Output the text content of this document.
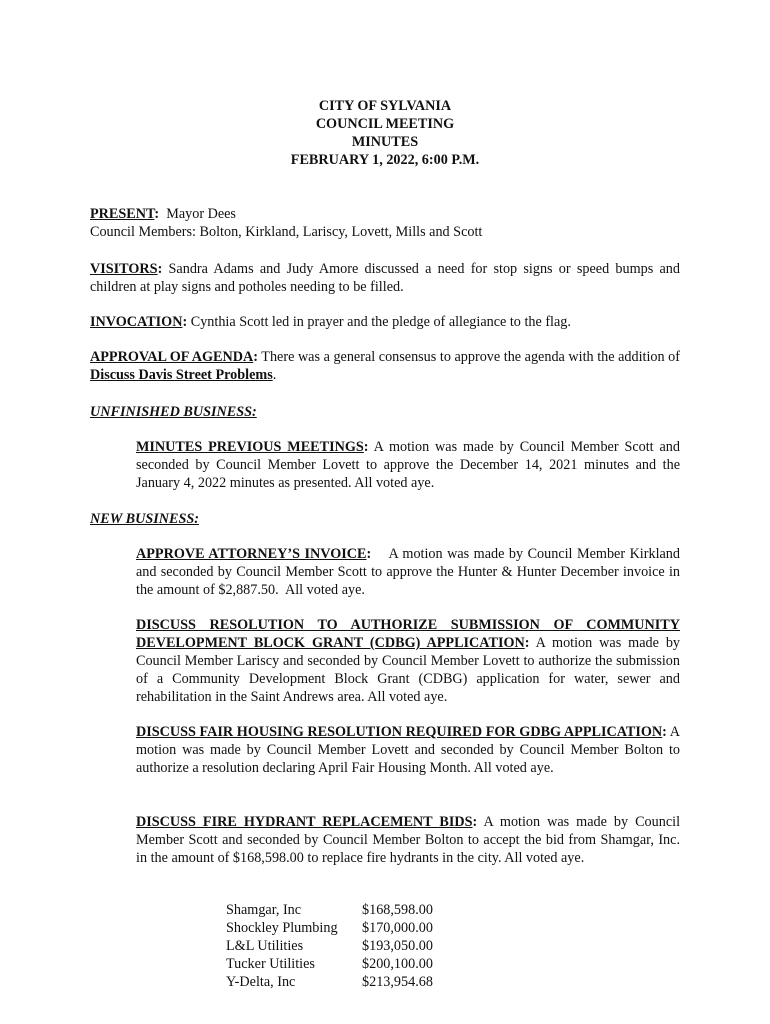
CITY OF SYLVANIA
COUNCIL MEETING
MINUTES
FEBRUARY 1, 2022, 6:00 P.M.
PRESENT:  Mayor Dees
Council Members: Bolton, Kirkland, Lariscy, Lovett, Mills and Scott
VISITORS: Sandra Adams and Judy Amore discussed a need for stop signs or speed bumps and children at play signs and potholes needing to be filled.
INVOCATION: Cynthia Scott led in prayer and the pledge of allegiance to the flag.
APPROVAL OF AGENDA: There was a general consensus to approve the agenda with the addition of Discuss Davis Street Problems.
UNFINISHED BUSINESS:
MINUTES PREVIOUS MEETINGS: A motion was made by Council Member Scott and seconded by Council Member Lovett to approve the December 14, 2021 minutes and the January 4, 2022 minutes as presented. All voted aye.
NEW BUSINESS:
APPROVE ATTORNEY’S INVOICE:    A motion was made by Council Member Kirkland and seconded by Council Member Scott to approve the Hunter & Hunter December invoice in the amount of $2,887.50.  All voted aye.
DISCUSS RESOLUTION TO AUTHORIZE SUBMISSION OF COMMUNITY DEVELOPMENT BLOCK GRANT (CDBG) APPLICATION: A motion was made by Council Member Lariscy and seconded by Council Member Lovett to authorize the submission of a Community Development Block Grant (CDBG) application for water, sewer and rehabilitation in the Saint Andrews area. All voted aye.
DISCUSS FAIR HOUSING RESOLUTION REQUIRED FOR GDBG APPLICATION: A motion was made by Council Member Lovett and seconded by Council Member Bolton to authorize a resolution declaring April Fair Housing Month. All voted aye.
DISCUSS FIRE HYDRANT REPLACEMENT BIDS: A motion was made by Council Member Scott and seconded by Council Member Bolton to accept the bid from Shamgar, Inc. in the amount of $168,598.00 to replace fire hydrants in the city. All voted aye.
Shamgar, Inc	$168,598.00
Shockley Plumbing	$170,000.00
L&L Utilities	$193,050.00
Tucker Utilities	$200,100.00
Y-Delta, Inc	$213,954.68
